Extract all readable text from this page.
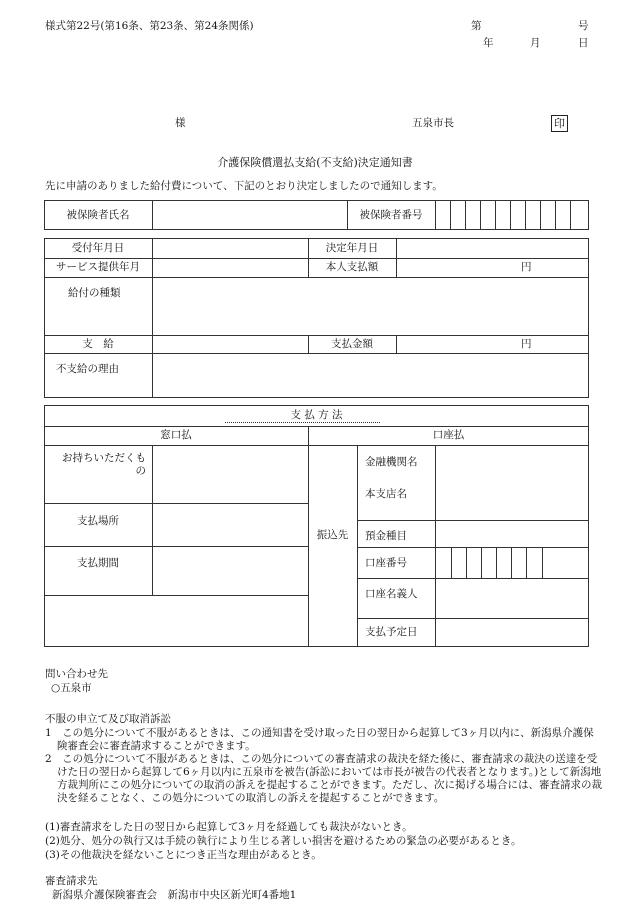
様式第22号(第16条、第23条、第24条関係)	第	号
年	月	日
様	五泉市長	印
介護保険償還払支給(不支給)決定通知書
先に申請のありました給付費について、下記のとおり決定しましたので通知します。
被保険者氏名	被保険者番号
受付年月日	決定年月日
サービス提供年月	本人支払額	円
給付の種類
支　給	支払金額	円
不支給の理由
支 払 方 法
窓口払	口座払
お持ちいただくもの
支払場所
支払期間
振込先
金融機関名
本支店名
預金種目
口座番号
口座名義人
支払予定日
問い合わせ先
○五泉市
不服の申立て及び取消訴訟
1　この処分について不服があるときは、この通知書を受け取った日の翌日から起算して3ヶ月以内に、新潟県介護保険審査会に審査請求することができます。
2　この処分について不服があるときは、この処分についての審査請求の裁決を経た後に、審査請求の裁決の送達を受けた日の翌日から起算して6ヶ月以内に五泉市を被告(訴訟においては市長が被告の代表者となります。)として新潟地方裁判所にこの処分についての取消の訴えを提起することができます。ただし、次に掲げる場合には、審査請求の裁決を経ることなく、この処分についての取消しの訴えを提起することができます。
(1)審査請求をした日の翌日から起算して3ヶ月を経過しても裁決がないとき。
(2)処分、処分の執行又は手続の執行により生じる著しい損害を避けるための緊急の必要があるとき。
(3)その他裁決を経ないことにつき正当な理由があるとき。
審査請求先
新潟県介護保険審査会　新潟市中央区新光町4番地1
